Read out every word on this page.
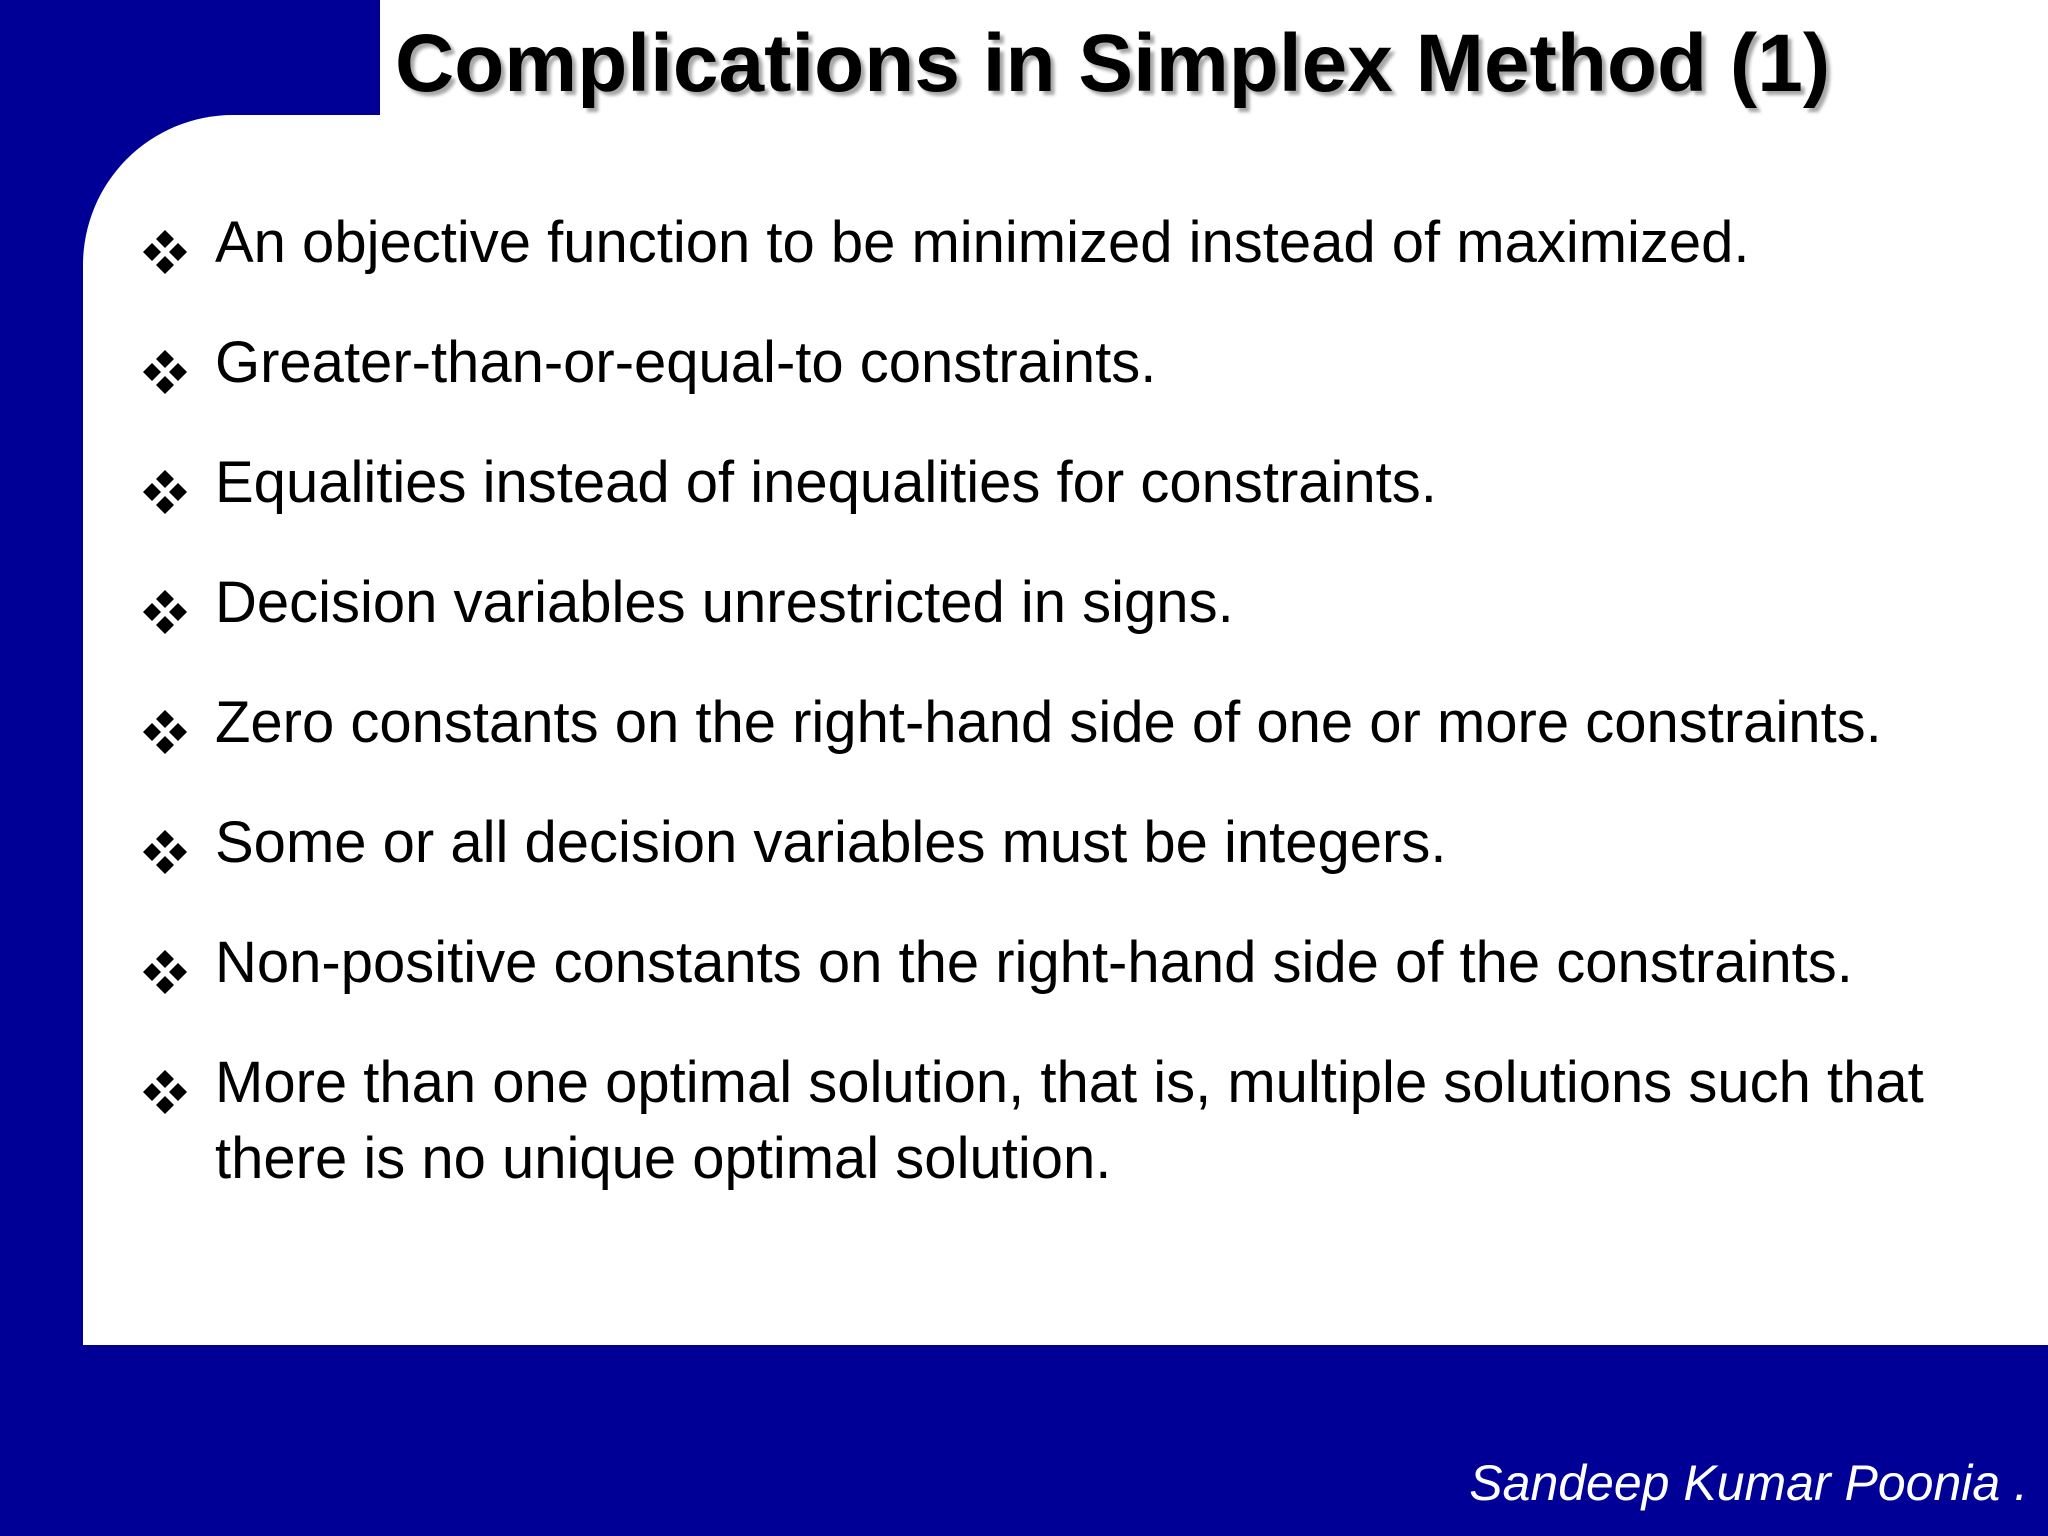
Complications in Simplex Method (1)
An objective function to be minimized instead of maximized.
Greater-than-or-equal-to constraints.
Equalities instead of inequalities for constraints.
Decision variables unrestricted in signs.
Zero constants on the right-hand side of one or more constraints.
Some or all decision variables must be integers.
Non-positive constants on the right-hand side of the constraints.
More than one optimal solution, that is, multiple solutions such that there is no unique optimal solution.
Sandeep Kumar Poonia .
